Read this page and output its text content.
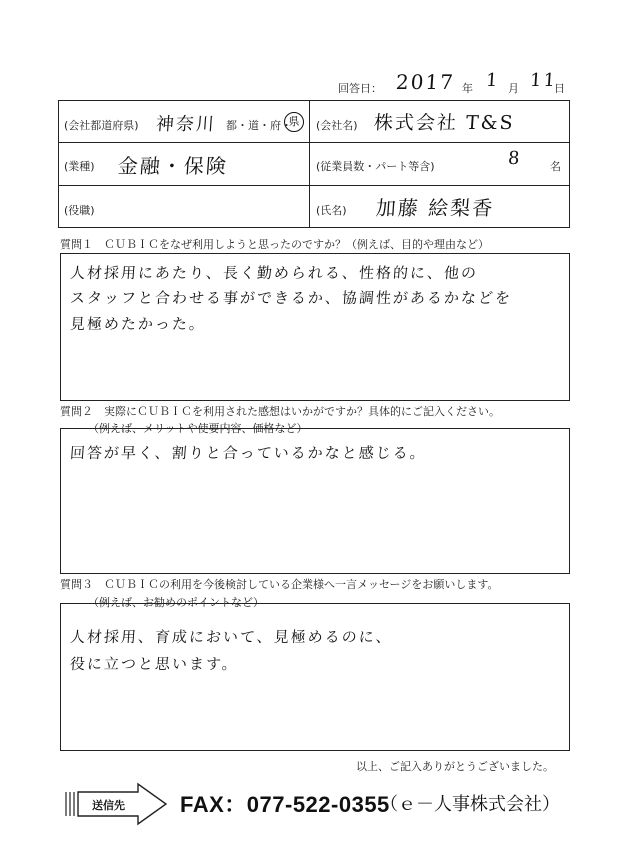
回答日： 2017 年 1 月 11
日
(会社都道府県) 神奈川 都・道・府・
県	(会社名) 株式会社 T&S
(業種) 金融・保険	(従業員数・パート等含)	8	名
(役職)	(氏名) 加藤 絵梨香
質問１　ＣＵＢＩＣをなぜ利用しようと思ったのですか？（例えば、目的や理由など）
人材採用にあたり、長く勤められる、性格的に、他の
スタッフと合わせる事ができるか、協調性があるかなどを
見極めたかった。
質問２　実際にＣＵＢＩＣを利用された感想はいかがですか？具体的にご記入ください。
（例えば、メリットや使要内容、価格など）
回答が早く、割りと合っているかなと感じる。
質問３　ＣＵＢＩＣの利用を今後検討している企業様へ一言メッセージをお願いします。
（例えば、お勧めのポイントなど）
人材採用、育成において、見極めるのに、
役に立つと思います。
以上、ご記入ありがとうございました。
送信先	FAX：077-522-0355
（ｅ－人事株式会社）
